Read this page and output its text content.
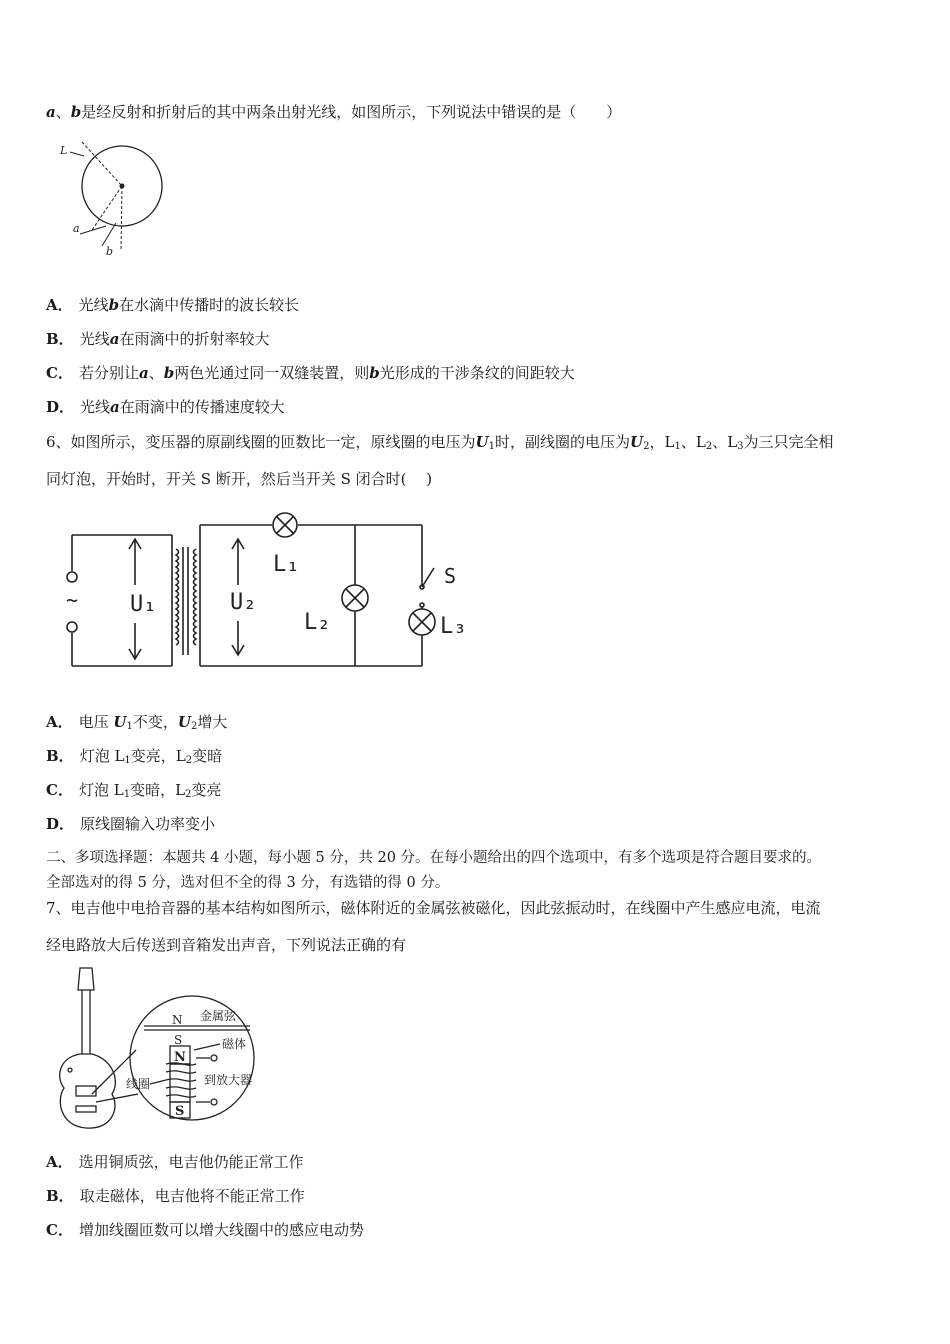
a、b是经反射和折射后的其中两条出射光线，如图所示，下列说法中错误的是（　　）
L
a
b
A． 光线b在水滴中传播时的波长较长
B． 光线a在雨滴中的折射率较大
C． 若分别让a、b两色光通过同一双缝装置，则b光形成的干涉条纹的间距较大
D． 光线a在雨滴中的传播速度较大
6、如图所示，变压器的原副线圈的匝数比一定，原线圈的电压为$U_1$时，副线圈的电压为$U_2$，$L_1$、$L_2$、$L_3$为三只完全相
同灯泡，开始时，开关 S 断开，然后当开关 S 闭合时(　 )
~ U₁	U₂
L₁
L₂
S
L₃
A． 电压 $U_1$不变，$U_2$增大
B． 灯泡 $L_1$变亮，$L_2$变暗
C． 灯泡 $L_1$变暗，$L_2$变亮
D． 原线圈输入功率变小
二、多项选择题：本题共 4 小题，每小题 5 分，共 20 分。在每小题给出的四个选项中，有多个选项是符合题目要求的。
全部选对的得 5 分，选对但不全的得 3 分，有选错的得 0 分。
7、电吉他中电拾音器的基本结构如图所示，磁体附近的金属弦被磁化，因此弦振动时，在线圈中产生感应电流，电流
经电路放大后传送到音箱发出声音，下列说法正确的有
N
S
N
S
金属弦
磁体
到放大器
线圈
A． 选用铜质弦，电吉他仍能正常工作
B． 取走磁体，电吉他将不能正常工作
C． 增加线圈匝数可以增大线圈中的感应电动势
